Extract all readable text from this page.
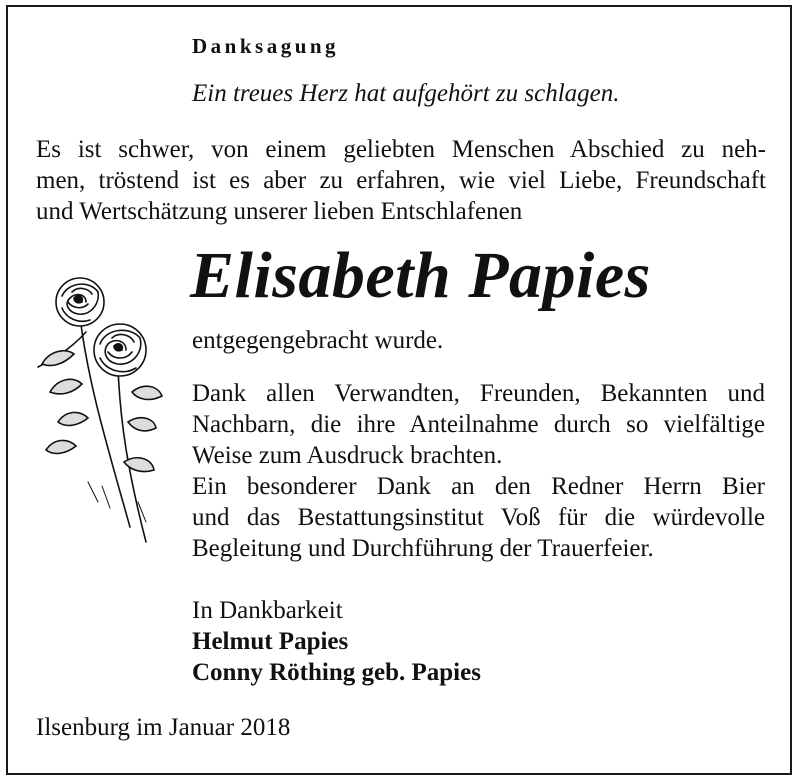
Danksagung
Ein treues Herz hat aufgehört zu schlagen.
Es ist schwer, von einem geliebten Menschen Abschied zu neh-
men, tröstend ist es aber zu erfahren, wie viel Liebe, Freundschaft
und Wertschätzung unserer lieben Entschlafenen
Elisabeth Papies
entgegengebracht wurde.
Dank allen Verwandten, Freunden, Bekannten und
Nachbarn, die ihre Anteilnahme durch so vielfältige
Weise zum Ausdruck brachten.
Ein besonderer Dank an den Redner Herrn Bier
und das Bestattungsinstitut Voß für die würdevolle
Begleitung und Durchführung der Trauerfeier.
In Dankbarkeit
Helmut Papies
Conny Röthing geb. Papies
Ilsenburg im Januar 2018
